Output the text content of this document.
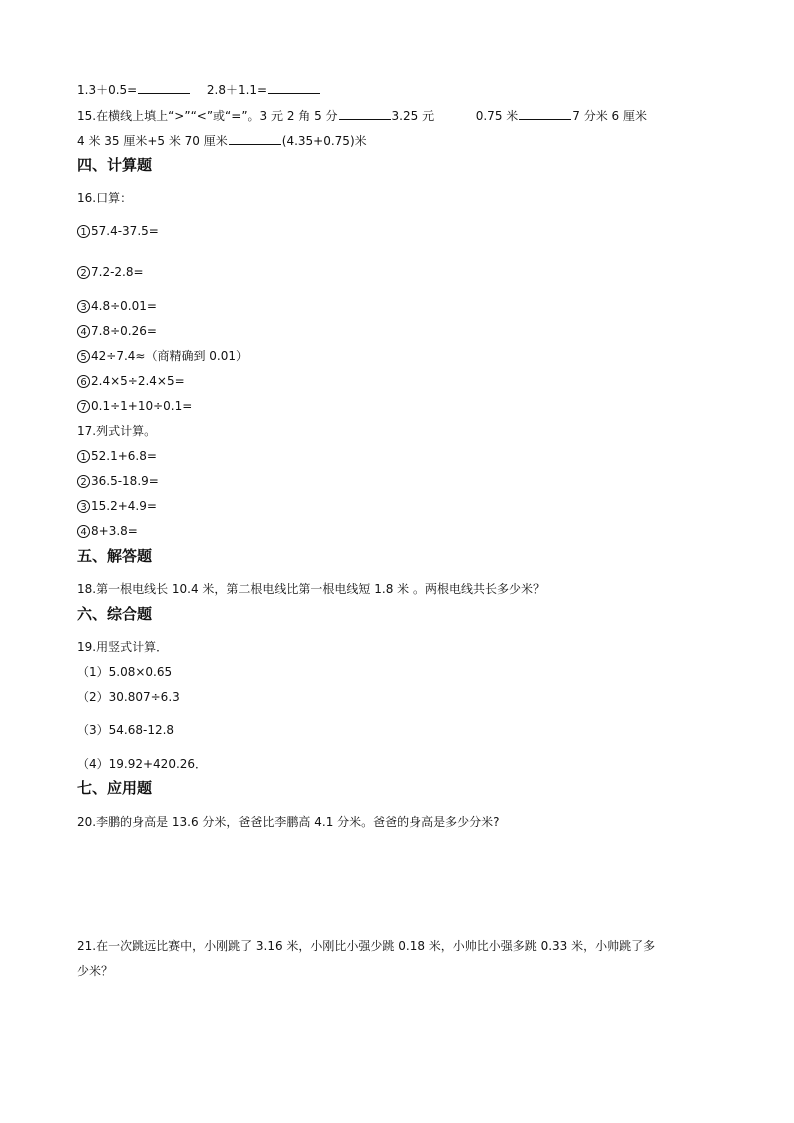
1.3＋0.5=	2.8＋1.1=
15.在横线上填上“>”“<”或“=”。3 元 2 角 5 分	3.25 元	0.75 米	7 分米 6 厘米
4 米 35 厘米+5 米 70 厘米	(4.35+0.75)米
四、计算题
16.口算：
1 57.4-37.5=
2 7.2-2.8=
3 4.8÷0.01=
4 7.8÷0.26=
5 42÷7.4≈（商精确到 0.01）
6 2.4×5÷2.4×5=
7 0.1÷1+10÷0.1=
17.列式计算。
1 52.1+6.8=
2 36.5-18.9=
3 15.2+4.9=
4 8+3.8=
五、解答题
18.第一根电线长 10.4 米，第二根电线比第一根电线短 1.8 米 。两根电线共长多少米？
六、综合题
19.用竖式计算．
（1）5.08×0.65
（2）30.807÷6.3
（3）54.68-12.8
（4）19.92+420.26．
七、应用题
20.李鹏的身高是 13.6 分米，爸爸比李鹏高 4.1 分米。爸爸的身高是多少分米?
21.在一次跳远比赛中，小刚跳了 3.16 米，小刚比小强少跳 0.18 米，小帅比小强多跳 0.33 米，小帅跳了多
少米？
